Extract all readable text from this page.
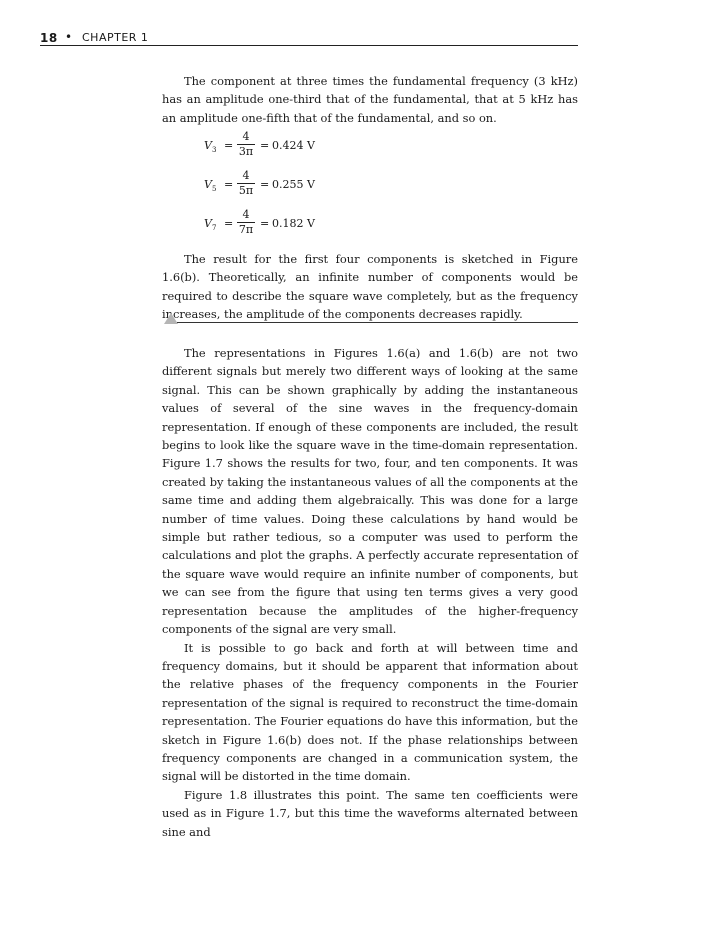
18 • CHAPTER 1

The component at three times the fundamental frequency (3 kHz) has an amplitude one-third that of the fundamental, that at 5 kHz has an amplitude one-fifth that of the fundamental, and so on.

$V_3 = \frac{4}{3\pi} = 0.424$ V
$V_5 = \frac{4}{5\pi} = 0.255$ V
$V_7 = \frac{4}{7\pi} = 0.182$ V

The result for the first four components is sketched in Figure 1.6(b). Theoretically, an infinite number of components would be required to describe the square wave completely, but as the frequency increases, the amplitude of the components decreases rapidly.

The representations in Figures 1.6(a) and 1.6(b) are not two different signals but merely two different ways of looking at the same signal. This can be shown graphically by adding the instantaneous values of several of the sine waves in the frequency-domain representation. If enough of these components are included, the result begins to look like the square wave in the time-domain representation. Figure 1.7 shows the results for two, four, and ten components. It was created by taking the instantaneous values of all the components at the same time and adding them algebraically. This was done for a large number of time values. Doing these calculations by hand would be simple but rather tedious, so a computer was used to perform the calculations and plot the graphs. A perfectly accurate representation of the square wave would require an infinite number of components, but we can see from the figure that using ten terms gives a very good representation because the amplitudes of the higher-frequency components of the signal are very small.

It is possible to go back and forth at will between time and frequency domains, but it should be apparent that information about the relative phases of the frequency components in the Fourier representation of the signal is required to reconstruct the time-domain representation. The Fourier equations do have this information, but the sketch in Figure 1.6(b) does not. If the phase relationships between frequency components are changed in a communication system, the signal will be distorted in the time domain.

Figure 1.8 illustrates this point. The same ten coefficients were used as in Figure 1.7, but this time the waveforms alternated between sine and
